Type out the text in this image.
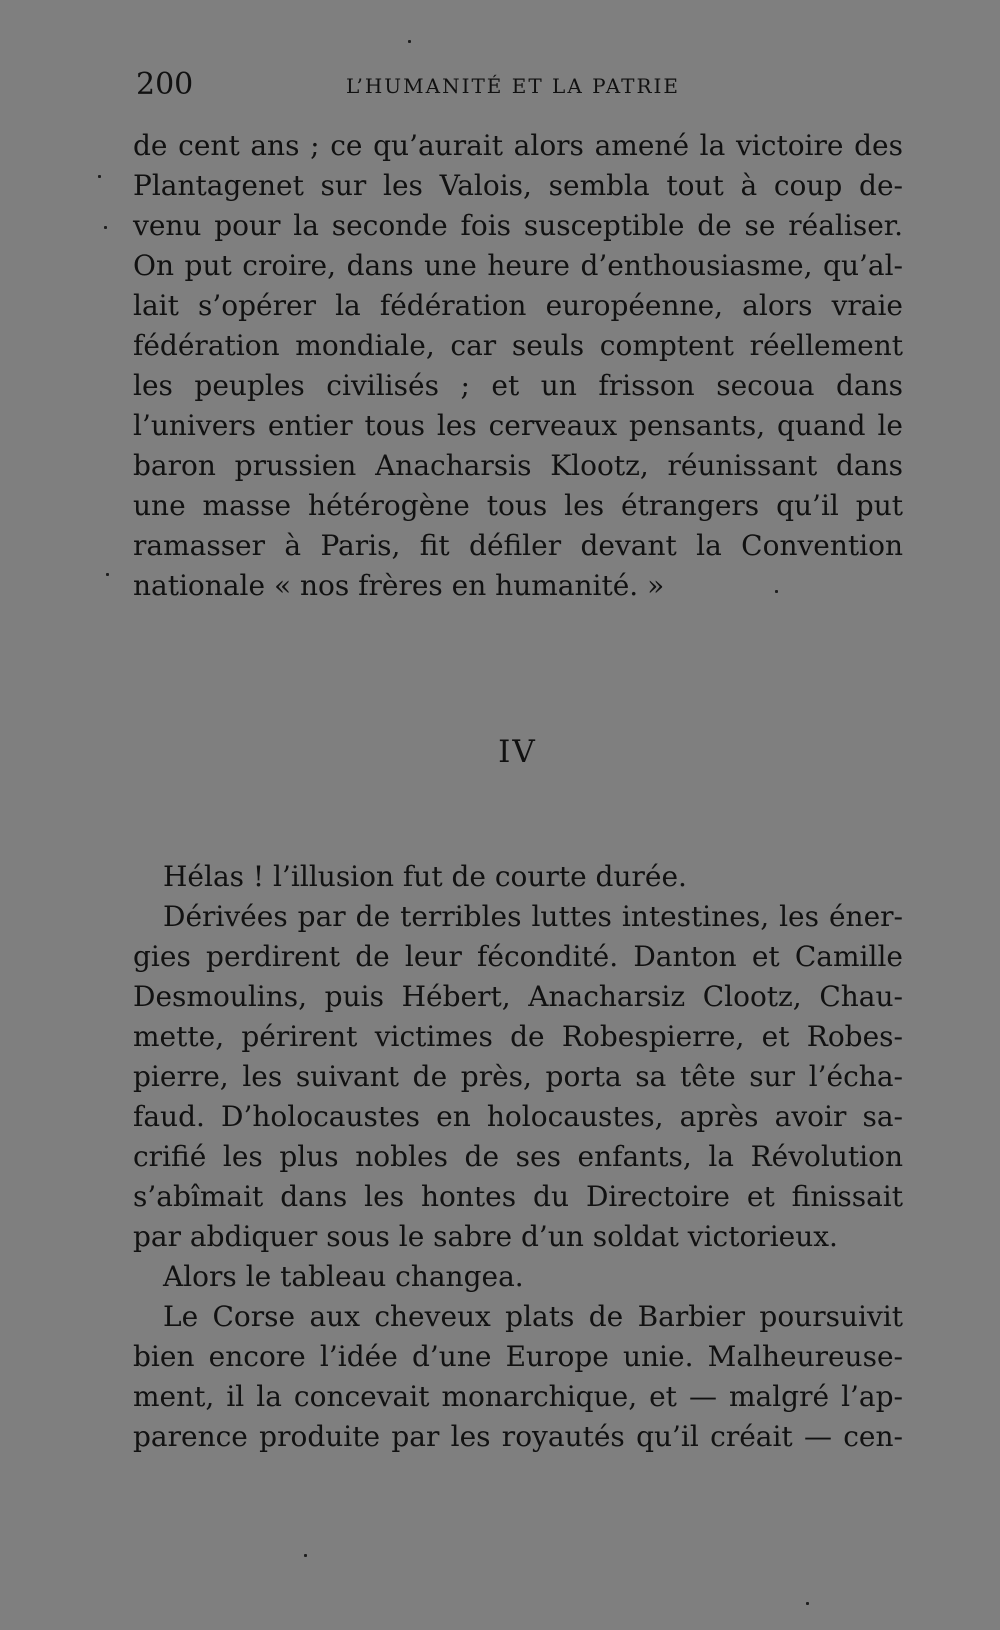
200	L’HUMANITÉ ET LA PATRIE
de cent ans ; ce qu’aurait alors amené la victoire des
Plantagenet sur les Valois, sembla tout à coup de-
venu pour la seconde fois susceptible de se réaliser.
On put croire, dans une heure d’enthousiasme, qu’al-
lait s’opérer la fédération européenne, alors vraie
fédération mondiale, car seuls comptent réellement
les peuples civilisés ; et un frisson secoua dans
l’univers entier tous les cerveaux pensants, quand le
baron prussien Anacharsis Klootz, réunissant dans
une masse hétérogène tous les étrangers qu’il put
ramasser à Paris, fit défiler devant la Convention
nationale « nos frères en humanité. »
IV
Hélas ! l’illusion fut de courte durée.
Dérivées par de terribles luttes intestines, les éner-
gies perdirent de leur fécondité. Danton et Camille
Desmoulins, puis Hébert, Anacharsiz Clootz, Chau-
mette, périrent victimes de Robespierre, et Robes-
pierre, les suivant de près, porta sa tête sur l’écha-
faud. D’holocaustes en holocaustes, après avoir sa-
crifié les plus nobles de ses enfants, la Révolution
s’abîmait dans les hontes du Directoire et finissait
par abdiquer sous le sabre d’un soldat victorieux.
Alors le tableau changea.
Le Corse aux cheveux plats de Barbier poursuivit
bien encore l’idée d’une Europe unie. Malheureuse-
ment, il la concevait monarchique, et — malgré l’ap-
parence produite par les royautés qu’il créait — cen-
